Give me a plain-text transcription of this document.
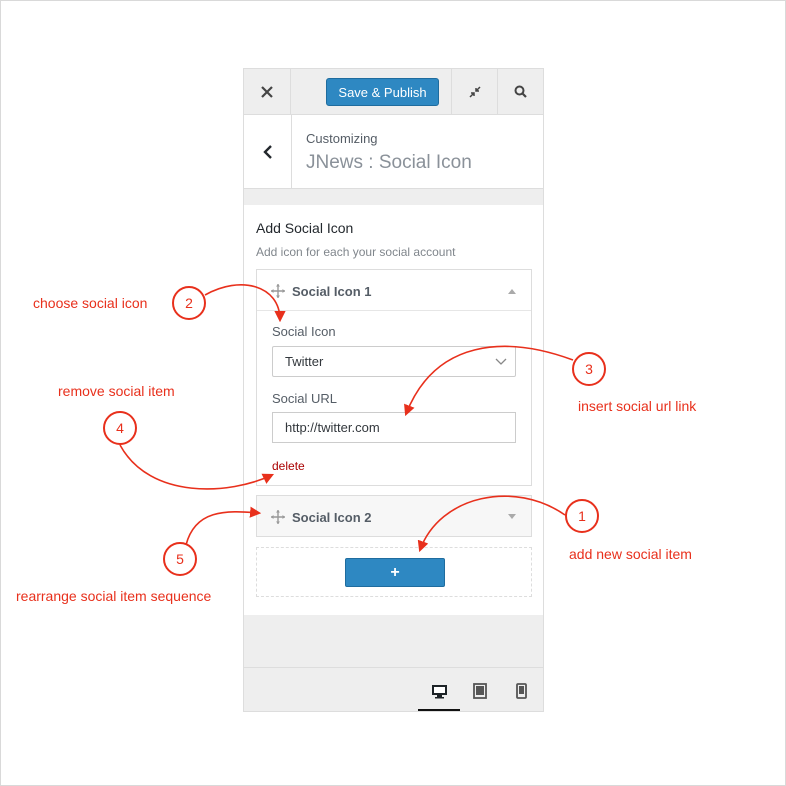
Save & Publish
Customizing
JNews : Social Icon
Add Social Icon
Add icon for each your social account
Social Icon 1
Social Icon
Twitter
Social URL
http://twitter.com
delete
Social Icon 2
+
1
add new social item
2
choose social icon
3
insert social url link
4
remove social item
5
rearrange social item sequence
